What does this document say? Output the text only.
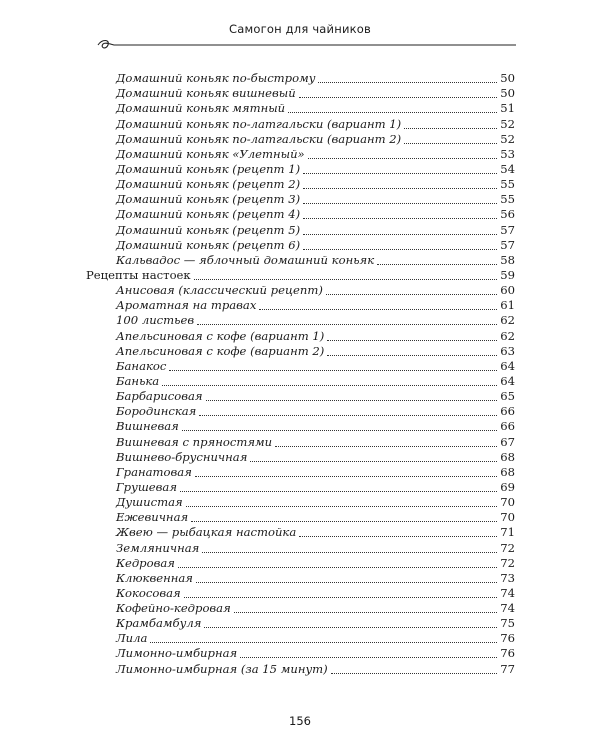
Самогон для чайников
Домашний коньяк по-быстрому	50
Домашний коньяк вишневый	50
Домашний коньяк мятный	51
Домашний коньяк по-латгальски (вариант 1)	52
Домашний коньяк по-латгальски (вариант 2)	52
Домашний коньяк «Улетный»	53
Домашний коньяк (рецепт 1)	54
Домашний коньяк (рецепт 2)	55
Домашний коньяк (рецепт 3)	55
Домашний коньяк (рецепт 4)	56
Домашний коньяк (рецепт 5)	57
Домашний коньяк (рецепт 6)	57
Кальвадос — яблочный домашний коньяк	58
Рецепты настоек	59
Анисовая (классический рецепт)	60
Ароматная на травах	61
100 листьев	62
Апельсиновая с кофе (вариант 1)	62
Апельсиновая с кофе (вариант 2)	63
Банакос	64
Банька	64
Барбарисовая	65
Бородинская	66
Вишневая	66
Вишневая с пряностями	67
Вишнево-брусничная	68
Гранатовая	68
Грушевая	69
Душистая	70
Ежевичная	70
Жвею — рыбацкая настойка	71
Земляничная	72
Кедровая	72
Клюквенная	73
Кокосовая	74
Кофейно-кедровая	74
Крамбамбуля	75
Лила	76
Лимонно-имбирная	76
Лимонно-имбирная (за 15 минут)	77
156
